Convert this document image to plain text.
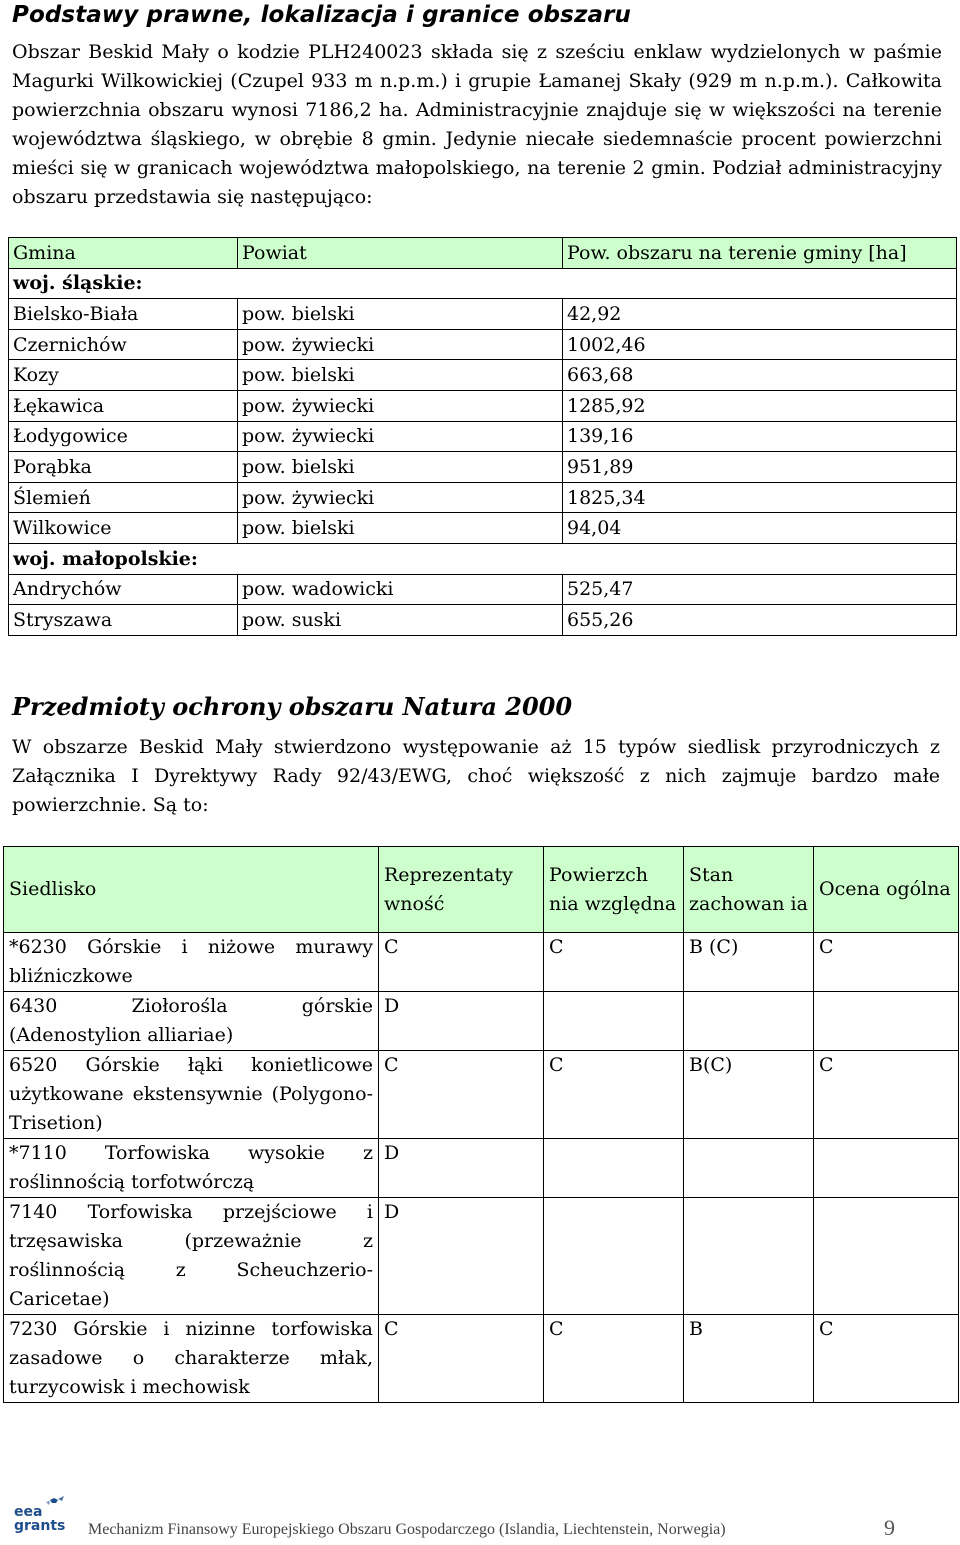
Podstawy prawne, lokalizacja i granice obszaru
Obszar Beskid Mały o kodzie PLH240023 składa się z sześciu enklaw wydzielonych w paśmie Magurki Wilkowickiej (Czupel 933 m n.p.m.) i grupie Łamanej Skały (929 m n.p.m.). Całkowita powierzchnia obszaru wynosi 7186,2 ha. Administracyjnie znajduje się w większości na terenie województwa śląskiego, w obrębie 8 gmin. Jedynie niecałe siedemnaście procent powierzchni mieści się w granicach województwa małopolskiego, na terenie 2 gmin. Podział administracyjny obszaru przedstawia się następująco:
Gmina	Powiat	Pow. obszaru na terenie gminy [ha]
woj. śląskie:		
Bielsko-Biała	pow. bielski	42,92
Czernichów	pow. żywiecki	1002,46
Kozy	pow. bielski	663,68
Łękawica	pow. żywiecki	1285,92
Łodygowice	pow. żywiecki	139,16
Porąbka	pow. bielski	951,89
Ślemień	pow. żywiecki	1825,34
Wilkowice	pow. bielski	94,04
woj. małopolskie:		
Andrychów	pow. wadowicki	525,47
Stryszawa	pow. suski	655,26
Przedmioty ochrony obszaru Natura 2000
W obszarze Beskid Mały stwierdzono występowanie aż 15 typów siedlisk przyrodniczych z Załącznika I Dyrektywy Rady 92/43/EWG, choć większość z nich zajmuje bardzo małe powierzchnie. Są to:
Siedlisko	Reprezentaty wność	Powierzch nia względna	Stan zachowan ia	Ocena ogólna
*6230 Górskie i niżowe murawy bliźniczkowe	C	C	B (C)	C
6430 Ziołorośla górskie (Adenostylion alliariae)	D			
6520 Górskie łąki konietlicowe użytkowane ekstensywnie (Polygono-Trisetion)	C	C	B(C)	C
*7110 Torfowiska wysokie z roślinnością torfotwórczą	D			
7140 Torfowiska przejściowe i trzęsawiska (przeważnie z roślinnością z Scheuchzerio-Caricetae)	D			
7230 Górskie i nizinne torfowiska zasadowe o charakterze młak, turzycowisk i mechowisk	C	C	B	C
eea
grants Mechanizm Finansowy Europejskiego Obszaru Gospodarczego (Islandia, Liechtenstein, Norwegia)	9
